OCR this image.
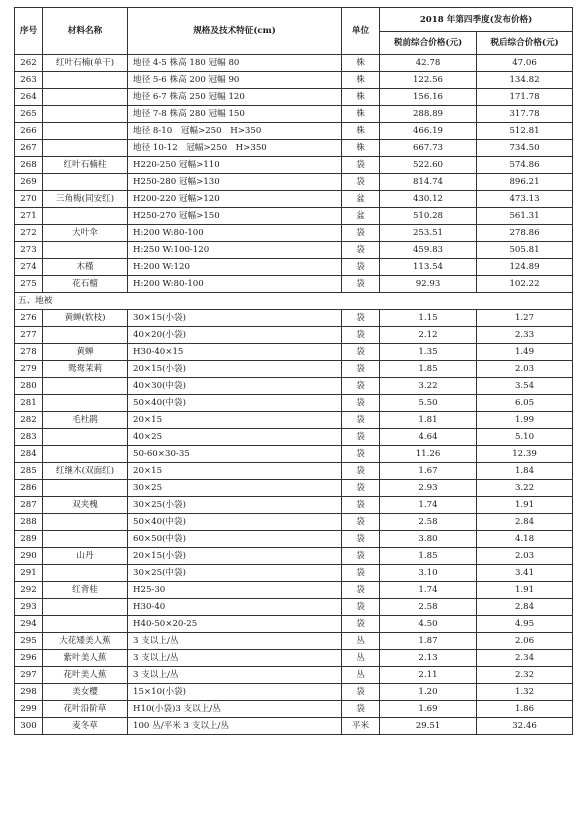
序号	材料名称	规格及技术特征(cm)	单位	2018 年第四季度(发布价格)	
				税前综合价格(元)	税后综合价格(元)
262	红叶石楠(单干)	地径 4-5 株高 180 冠幅 80	株	42.78	47.06
263		地径 5-6 株高 200 冠幅 90	株	122.56	134.82
264		地径 6-7 株高 250 冠幅 120	株	156.16	171.78
265		地径 7-8 株高 280 冠幅 150	株	288.89	317.78
266		地径 8-10　冠幅>250　H>350	株	466.19	512.81
267		地径 10-12　冠幅>250　H>350	株	667.73	734.50
268	红叶石楠柱	H220-250 冠幅>110	袋	522.60	574.86
269		H250-280 冠幅>130	袋	814.74	896.21
270	三角梅(同安红)	H200-220 冠幅>120	盆	430.12	473.13
271		H250-270 冠幅>150	盆	510.28	561.31
272	大叶伞	H:200 W:80-100	袋	253.51	278.86
273		H:250 W:100-120	袋	459.83	505.81
274	木槿	H:200 W:120	袋	113.54	124.89
275	花石榴	H:200 W:80-100	袋	92.93	102.22
五、地被					
276	黄蝉(软枝)	30×15(小袋)	袋	1.15	1.27
277		40×20(小袋)	袋	2.12	2.33
278	黄蝉	H30-40×15	袋	1.35	1.49
279	鸳鸯茉莉	20×15(小袋)	袋	1.85	2.03
280		40×30(中袋)	袋	3.22	3.54
281		50×40(中袋)	袋	5.50	6.05
282	毛杜鹃	20×15	袋	1.81	1.99
283		40×25	袋	4.64	5.10
284		50-60×30-35	袋	11.26	12.39
285	红继木(双面红)	20×15	袋	1.67	1.84
286		30×25	袋	2.93	3.22
287	双夹槐	30×25(小袋)	袋	1.74	1.91
288		50×40(中袋)	袋	2.58	2.84
289		60×50(中袋)	袋	3.80	4.18
290	山丹	20×15(小袋)	袋	1.85	2.03
291		30×25(中袋)	袋	3.10	3.41
292	红背桂	H25-30	袋	1.74	1.91
293		H30-40	袋	2.58	2.84
294		H40-50×20-25	袋	4.50	4.95
295	大花矮美人蕉	3 支以上/丛	丛	1.87	2.06
296	紫叶美人蕉	3 支以上/丛	丛	2.13	2.34
297	花叶美人蕉	3 支以上/丛	丛	2.11	2.32
298	美女樱	15×10(小袋)	袋	1.20	1.32
299	花叶沿阶草	H10(小袋)3 支以上/丛	袋	1.69	1.86
300	麦冬草	100 丛/平米 3 支以上/丛	平米	29.51	32.46
